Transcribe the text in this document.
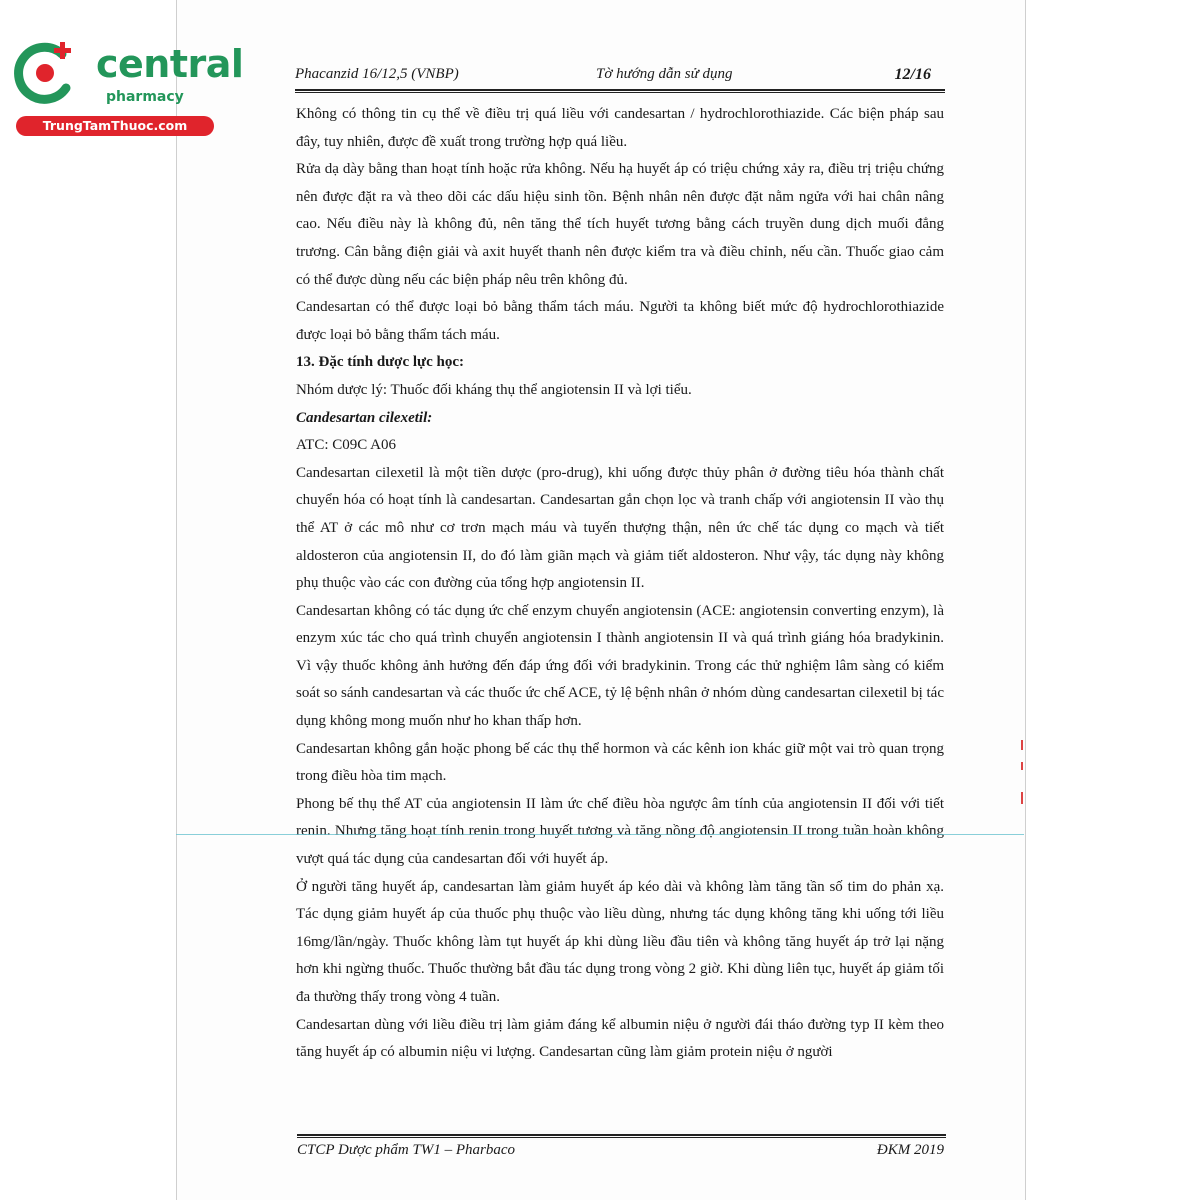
central
pharmacy
TrungTamThuoc.com
Phacanzid 16/12,5 (VNBP)	Tờ hướng dẫn sử dụng	12/16

Không có thông tin cụ thể về điều trị quá liều với candesartan / hydrochlorothiazide. Các biện pháp sau đây, tuy nhiên, được đề xuất trong trường hợp quá liều.

Rửa dạ dày bằng than hoạt tính hoặc rửa không. Nếu hạ huyết áp có triệu chứng xảy ra, điều trị triệu chứng nên được đặt ra và theo dõi các dấu hiệu sinh tồn. Bệnh nhân nên được đặt nằm ngửa với hai chân nâng cao. Nếu điều này là không đủ, nên tăng thể tích huyết tương bằng cách truyền dung dịch muối đẳng trương. Cân bằng điện giải và axit huyết thanh nên được kiểm tra và điều chỉnh, nếu cần. Thuốc giao cảm có thể được dùng nếu các biện pháp nêu trên không đủ.

Candesartan có thể được loại bỏ bằng thẩm tách máu. Người ta không biết mức độ hydrochlorothiazide được loại bỏ bằng thẩm tách máu.

13. Đặc tính dược lực học:

Nhóm dược lý: Thuốc đối kháng thụ thể angiotensin II và lợi tiểu.

Candesartan cilexetil:

ATC: C09C A06

Candesartan cilexetil là một tiền dược (pro-drug), khi uống được thủy phân ở đường tiêu hóa thành chất chuyển hóa có hoạt tính là candesartan. Candesartan gắn chọn lọc và tranh chấp với angiotensin II vào thụ thể AT ở các mô như cơ trơn mạch máu và tuyến thượng thận, nên ức chế tác dụng co mạch và tiết aldosteron của angiotensin II, do đó làm giãn mạch và giảm tiết aldosteron. Như vậy, tác dụng này không phụ thuộc vào các con đường của tổng hợp angiotensin II.

Candesartan không có tác dụng ức chế enzym chuyển angiotensin (ACE: angiotensin converting enzym), là enzym xúc tác cho quá trình chuyển angiotensin I thành angiotensin II và quá trình giáng hóa bradykinin. Vì vậy thuốc không ảnh hưởng đến đáp ứng đối với bradykinin. Trong các thử nghiệm lâm sàng có kiểm soát so sánh candesartan và các thuốc ức chế ACE, tỷ lệ bệnh nhân ở nhóm dùng candesartan cilexetil bị tác dụng không mong muốn như ho khan thấp hơn.

Candesartan không gắn hoặc phong bế các thụ thể hormon và các kênh ion khác giữ một vai trò quan trọng trong điều hòa tim mạch.

Phong bế thụ thể AT của angiotensin II làm ức chế điều hòa ngược âm tính của angiotensin II đối với tiết renin. Nhưng tăng hoạt tính renin trong huyết tương và tăng nồng độ angiotensin II trong tuần hoàn không vượt quá tác dụng của candesartan đối với huyết áp.

Ở người tăng huyết áp, candesartan làm giảm huyết áp kéo dài và không làm tăng tần số tim do phản xạ. Tác dụng giảm huyết áp của thuốc phụ thuộc vào liều dùng, nhưng tác dụng không tăng khi uống tới liều 16mg/lần/ngày. Thuốc không làm tụt huyết áp khi dùng liều đầu tiên và không tăng huyết áp trở lại nặng hơn khi ngừng thuốc. Thuốc thường bắt đầu tác dụng trong vòng 2 giờ. Khi dùng liên tục, huyết áp giảm tối đa thường thấy trong vòng 4 tuần.

Candesartan dùng với liều điều trị làm giảm đáng kể albumin niệu ở người đái tháo đường typ II kèm theo tăng huyết áp có albumin niệu vi lượng. Candesartan cũng làm giảm protein niệu ở người

CTCP Dược phẩm TW1 – Pharbaco	ĐKM 2019
